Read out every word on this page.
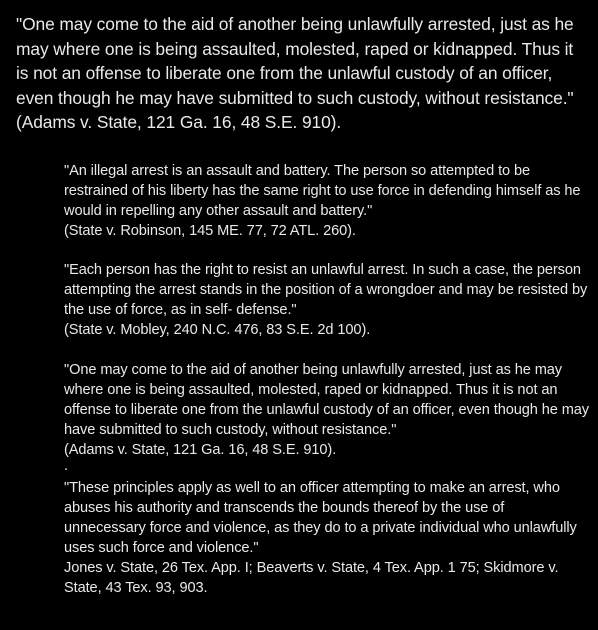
"One may come to the aid of another being unlawfully arrested, just as he may where one is being assaulted, molested, raped or kidnapped. Thus it is not an offense to liberate one from the unlawful custody of an officer, even though he may have submitted to such custody, without resistance." (Adams v. State, 121 Ga. 16, 48 S.E. 910).

"An illegal arrest is an assault and battery. The person so attempted to be restrained of his liberty has the same right to use force in defending himself as he would in repelling any other assault and battery."
(State v. Robinson, 145 ME. 77, 72 ATL. 260).
"Each person has the right to resist an unlawful arrest. In such a case, the person attempting the arrest stands in the position of a wrongdoer and may be resisted by the use of force, as in self- defense."
(State v. Mobley, 240 N.C. 476, 83 S.E. 2d 100).
"One may come to the aid of another being unlawfully arrested, just as he may where one is being assaulted, molested, raped or kidnapped. Thus it is not an offense to liberate one from the unlawful custody of an officer, even though he may have submitted to such custody, without resistance."
(Adams v. State, 121 Ga. 16, 48 S.E. 910).
.
"These principles apply as well to an officer attempting to make an arrest, who abuses his authority and transcends the bounds thereof by the use of unnecessary force and violence, as they do to a private individual who unlawfully uses such force and violence."
Jones v. State, 26 Tex. App. I; Beaverts v. State, 4 Tex. App. 1 75; Skidmore v. State, 43 Tex. 93, 903.
